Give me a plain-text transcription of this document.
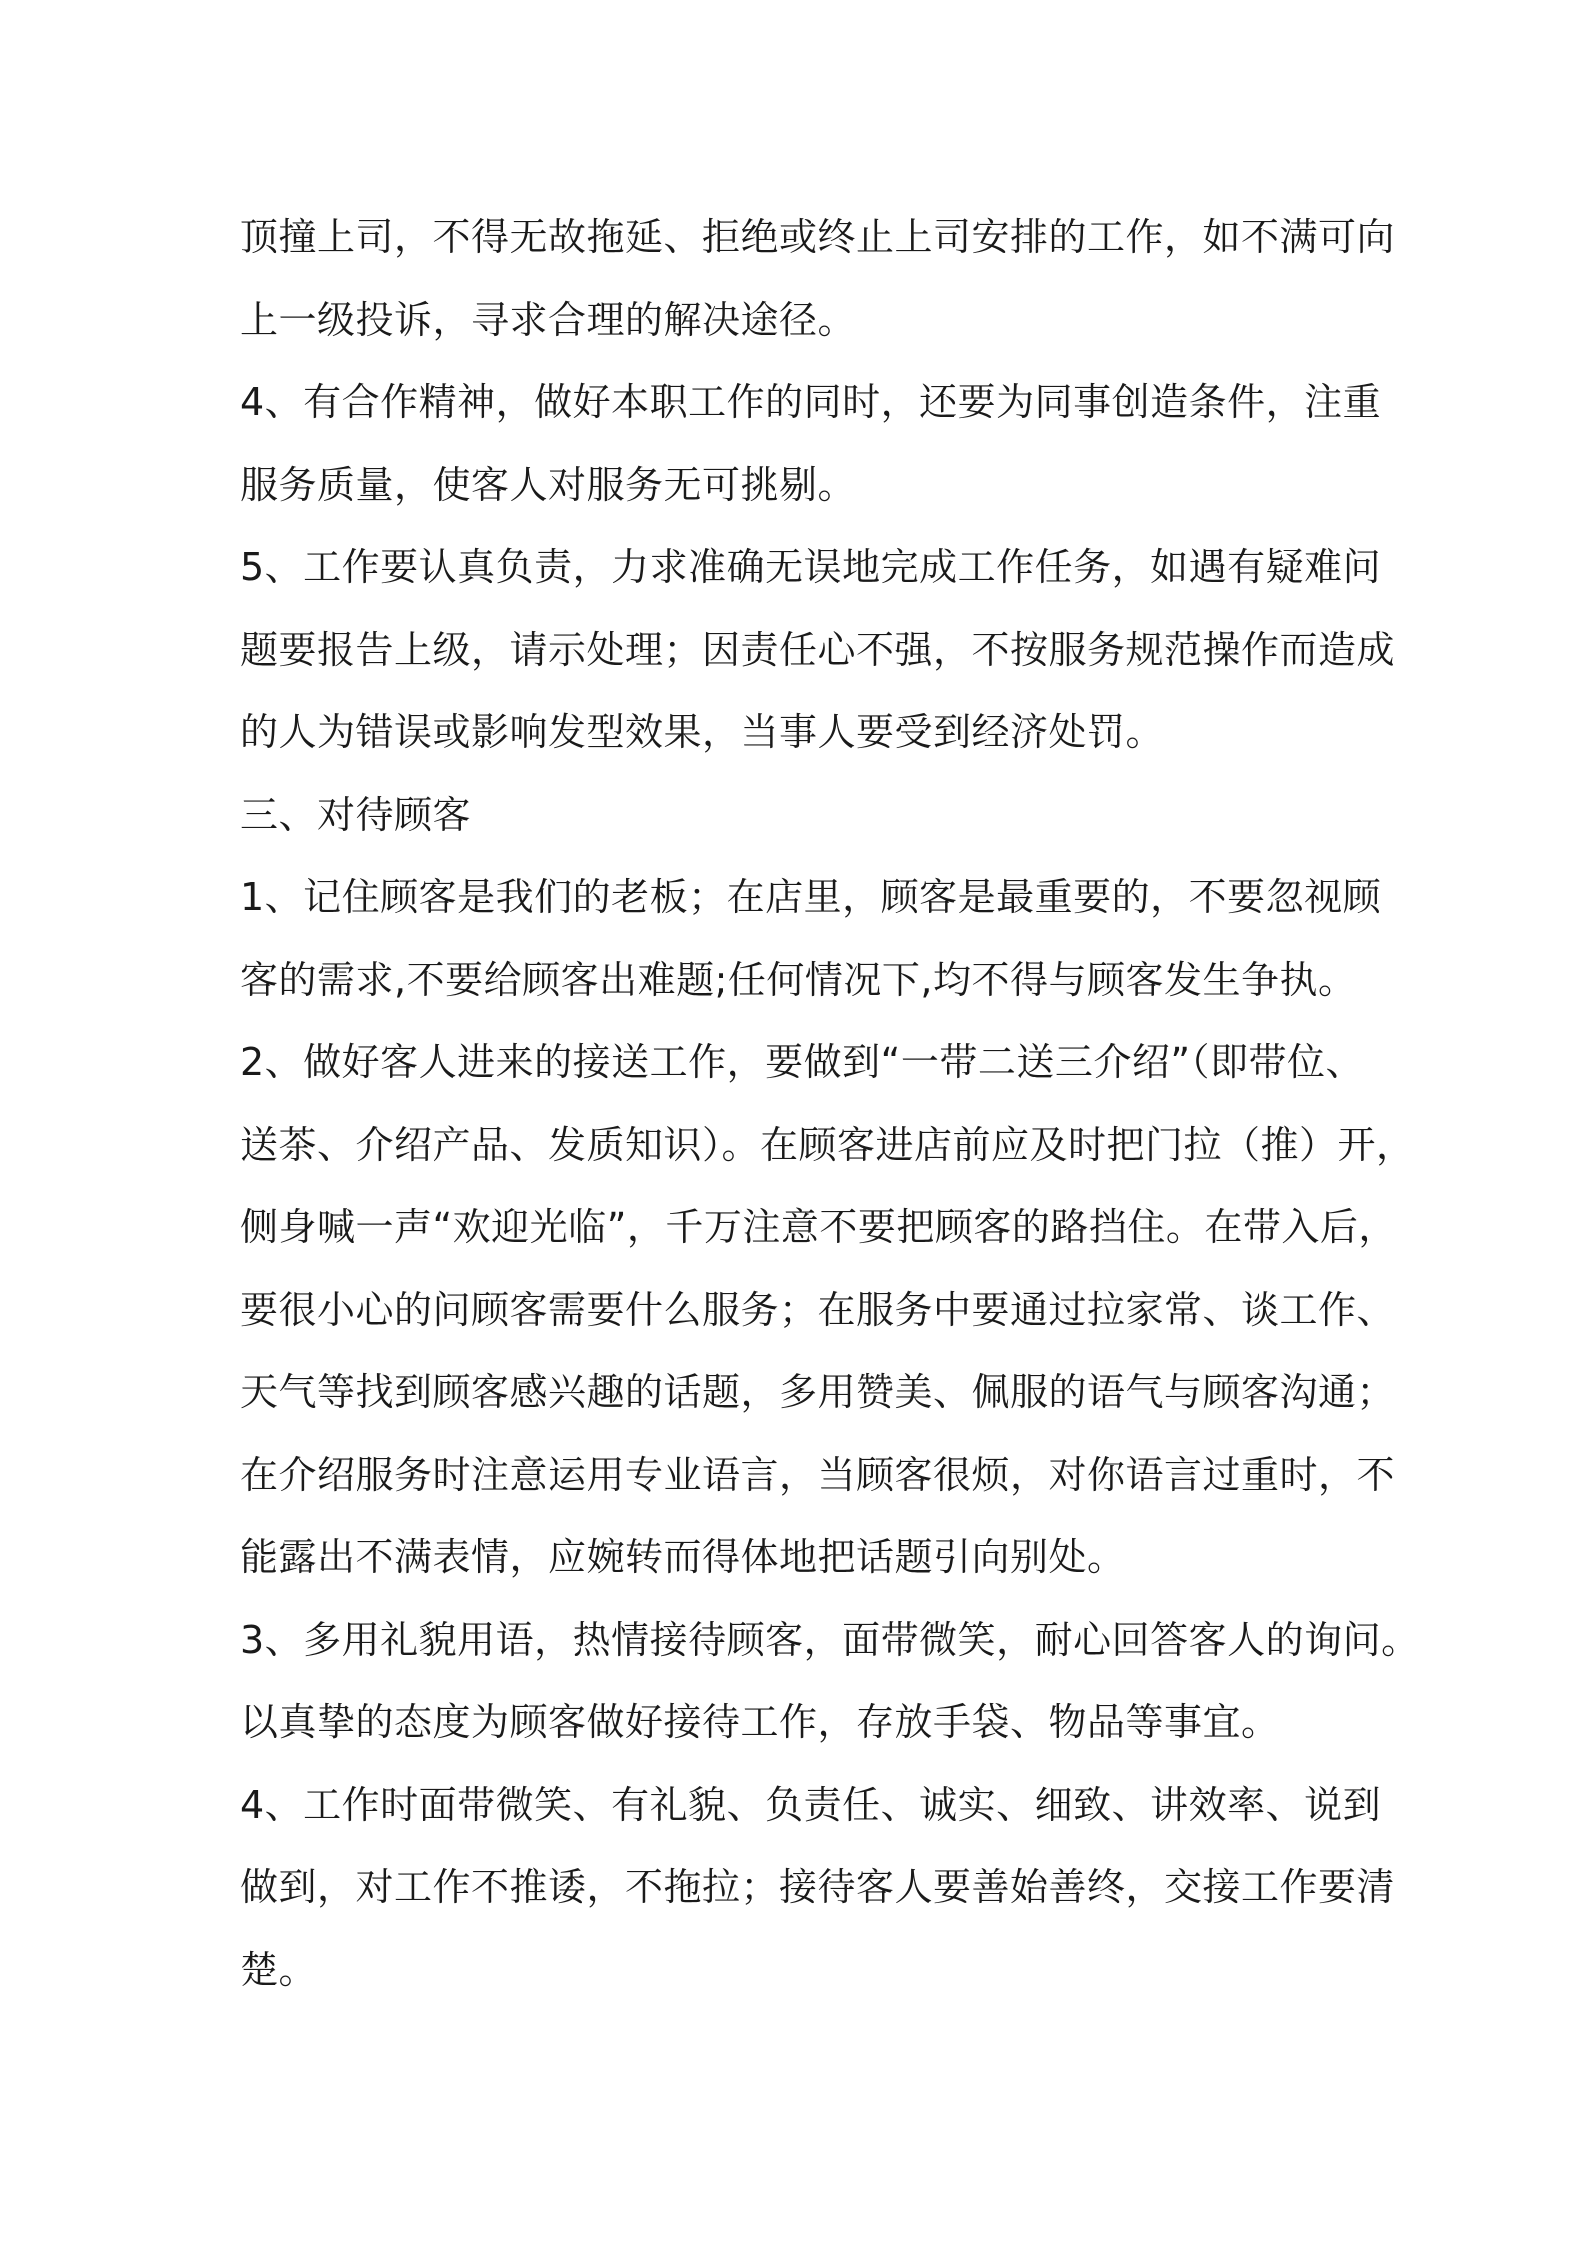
顶撞上司，不得无故拖延、拒绝或终止上司安排的工作，如不满可向
上一级投诉，寻求合理的解决途径。
4、有合作精神，做好本职工作的同时，还要为同事创造条件，注重
服务质量，使客人对服务无可挑剔。
5、工作要认真负责，力求准确无误地完成工作任务，如遇有疑难问
题要报告上级，请示处理；因责任心不强，不按服务规范操作而造成
的人为错误或影响发型效果，当事人要受到经济处罚。
三、对待顾客
1、记住顾客是我们的老板；在店里，顾客是最重要的，不要忽视顾
客的需求,不要给顾客出难题;任何情况下,均不得与顾客发生争执。
2、做好客人进来的接送工作，要做到“一带二送三介绍”（即带位、
送茶、介绍产品、发质知识）。在顾客进店前应及时把门拉（推）开，
侧身喊一声“欢迎光临”，千万注意不要把顾客的路挡住。在带入后，
要很小心的问顾客需要什么服务；在服务中要通过拉家常、谈工作、
天气等找到顾客感兴趣的话题，多用赞美、佩服的语气与顾客沟通；
在介绍服务时注意运用专业语言，当顾客很烦，对你语言过重时，不
能露出不满表情，应婉转而得体地把话题引向别处。
3、多用礼貌用语，热情接待顾客，面带微笑，耐心回答客人的询问。
以真挚的态度为顾客做好接待工作，存放手袋、物品等事宜。
4、工作时面带微笑、有礼貌、负责任、诚实、细致、讲效率、说到
做到，对工作不推诿，不拖拉；接待客人要善始善终，交接工作要清
楚。
